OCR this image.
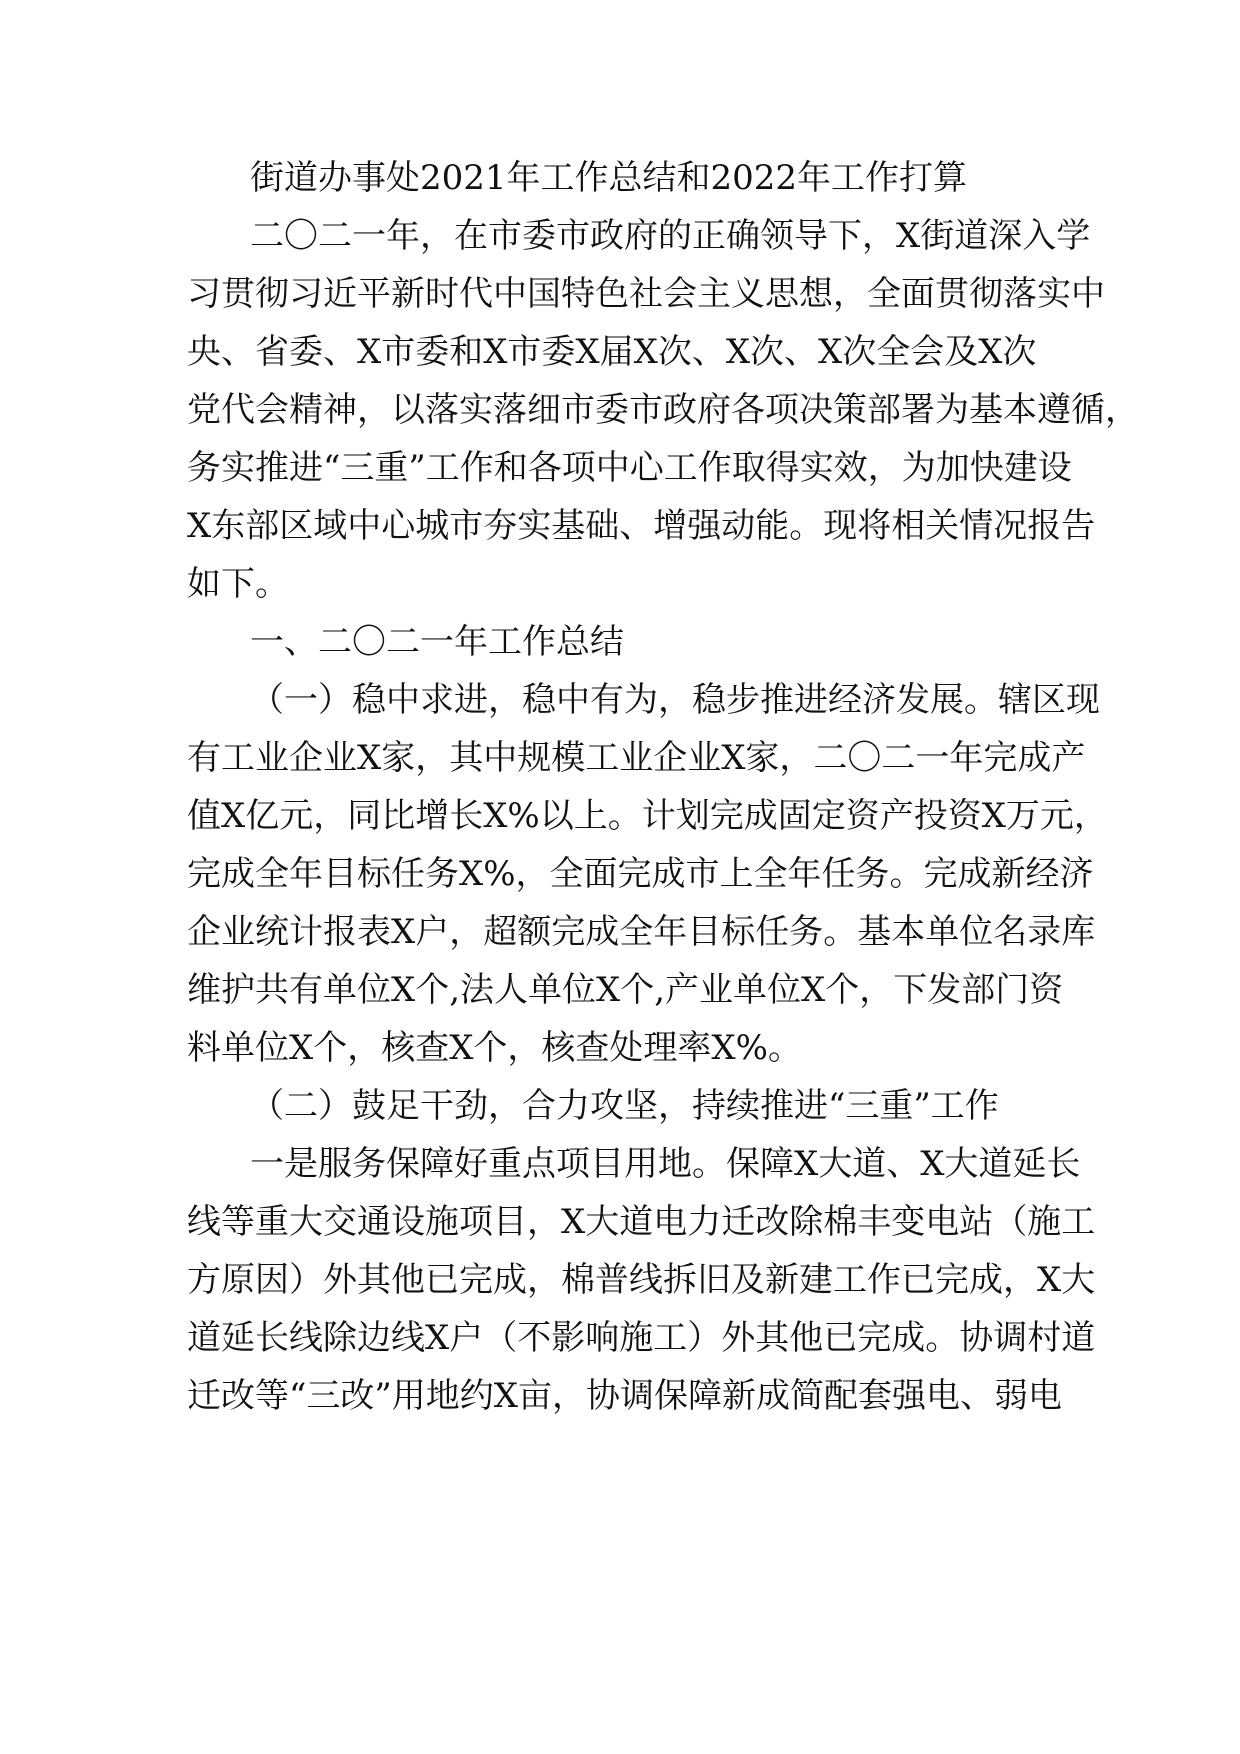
街道办事处2021年工作总结和2022年工作打算
二〇二一年，在市委市政府的正确领导下，X街道深入学
习贯彻习近平新时代中国特色社会主义思想，全面贯彻落实中
央、省委、X市委和X市委X届X次、X次、X次全会及X次
党代会精神，以落实落细市委市政府各项决策部署为基本遵循，
务实推进“三重”工作和各项中心工作取得实效，为加快建设
X东部区域中心城市夯实基础、增强动能。现将相关情况报告
如下。
一、二〇二一年工作总结
（一）稳中求进，稳中有为，稳步推进经济发展。辖区现
有工业企业X家，其中规模工业企业X家，二〇二一年完成产
值X亿元，同比增长X%以上。计划完成固定资产投资X万元，
完成全年目标任务X%，全面完成市上全年任务。完成新经济
企业统计报表X户，超额完成全年目标任务。基本单位名录库
维护共有单位X个,法人单位X个,产业单位X个，下发部门资
料单位X个，核查X个，核查处理率X%。
（二）鼓足干劲，合力攻坚，持续推进“三重”工作
一是服务保障好重点项目用地。保障X大道、X大道延长
线等重大交通设施项目，X大道电力迁改除棉丰变电站（施工
方原因）外其他已完成，棉普线拆旧及新建工作已完成，X大
道延长线除边线X户（不影响施工）外其他已完成。协调村道
迁改等“三改”用地约X亩，协调保障新成简配套强电、弱电
